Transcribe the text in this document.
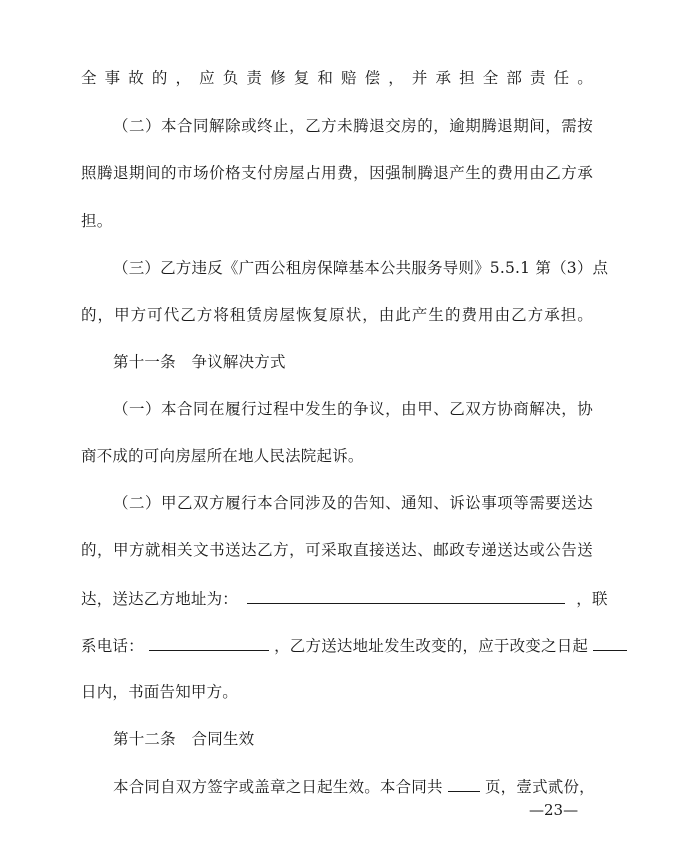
全事故的，应负责修复和赔偿，并承担全部责任。
（二）本合同解除或终止，乙方未腾退交房的，逾期腾退期间，需按
照腾退期间的市场价格支付房屋占用费，因强制腾退产生的费用由乙方承
担。
（三）乙方违反《广西公租房保障基本公共服务导则》5.5.1 第（3）点
的，甲方可代乙方将租赁房屋恢复原状，由此产生的费用由乙方承担。
第十一条　争议解决方式
（一）本合同在履行过程中发生的争议，由甲、乙双方协商解决，协
商不成的可向房屋所在地人民法院起诉。
（二）甲乙双方履行本合同涉及的告知、通知、诉讼事项等需要送达
的，甲方就相关文书送达乙方，可采取直接送达、邮政专递送达或公告送
达，送达乙方地址为：	，联
系电话：	，乙方送达地址发生改变的，应于改变之日起
日内，书面告知甲方。
第十二条　合同生效
本合同自双方签字或盖章之日起生效。本合同共	页，壹式贰份，
—23—
